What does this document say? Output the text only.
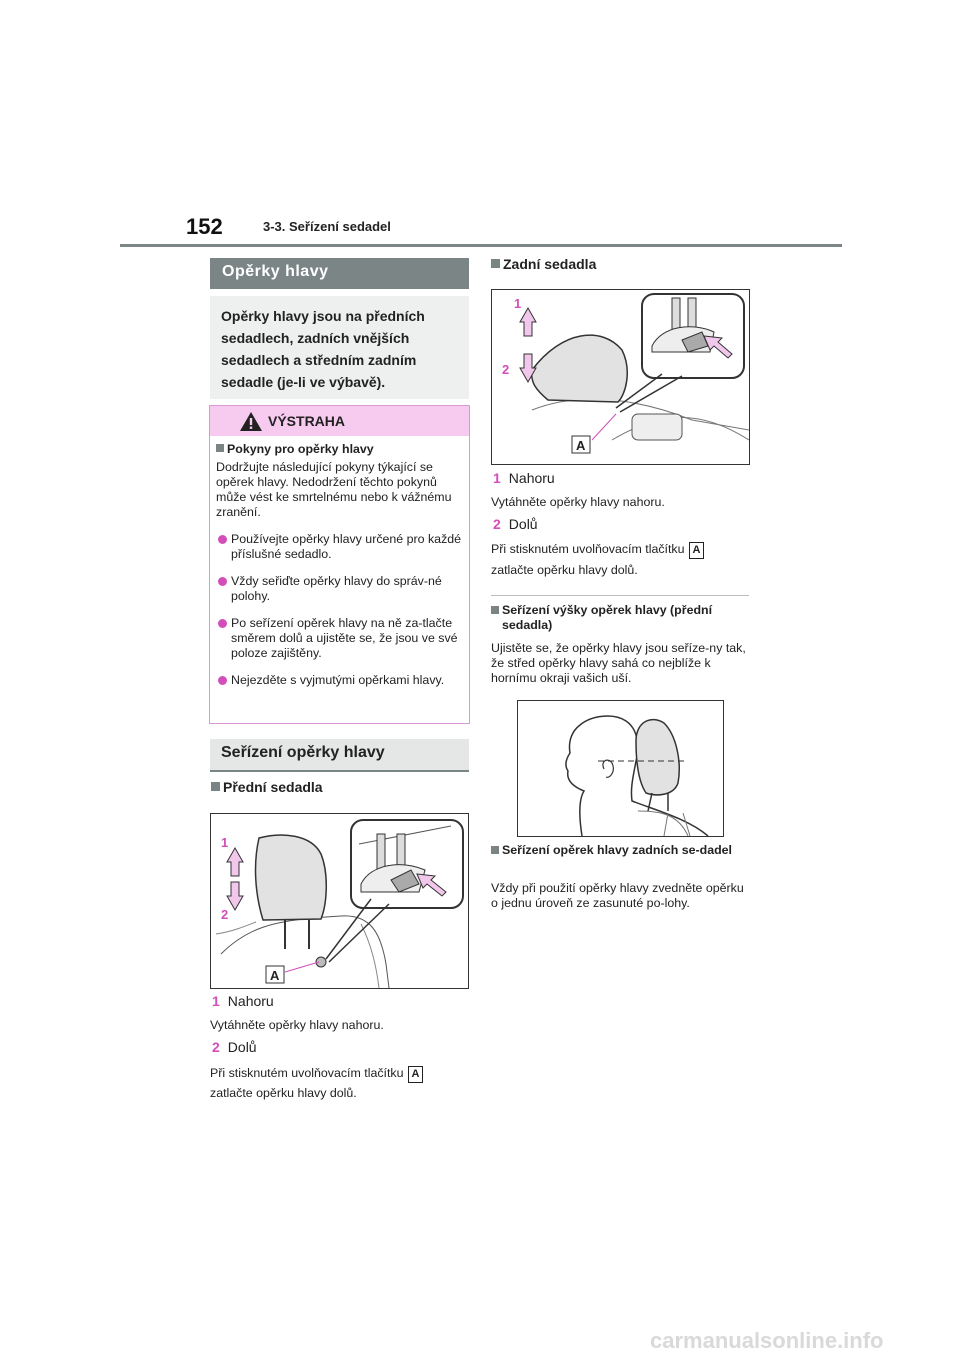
152	3-3. Seřízení sedadel
Opěrky hlavy
Opěrky hlavy jsou na předních sedadlech, zadních vnějších sedadlech a středním zadním sedadle (je-li ve výbavě).
VÝSTRAHA

Pokyny pro opěrky hlavy

Dodržujte následující pokyny týkající se opěrek hlavy. Nedodržení těchto pokynů může vést ke smrtelnému nebo k vážnému zranění.

Používejte opěrky hlavy určené pro každé příslušné sedadlo.
Vždy seřiďte opěrky hlavy do správ-né polohy.
Po seřízení opěrek hlavy na ně za-tlačte směrem dolů a ujistěte se, že jsou ve své poloze zajištěny.
Nejezděte s vyjmutými opěrkami hlavy.
Seřízení opěrky hlavy
Přední sedadla
1
2
A
1 Nahoru
Vytáhněte opěrky hlavy nahoru.
2 Dolů
Při stisknutém uvolňovacím tlačítku A
zatlačte opěrku hlavy dolů.
Zadní sedadla
1
2
A
1 Nahoru
Vytáhněte opěrky hlavy nahoru.
2 Dolů
Při stisknutém uvolňovacím tlačítku A
zatlačte opěrku hlavy dolů.
Seřízení výšky opěrek hlavy (přední sedadla)
Ujistěte se, že opěrky hlavy jsou seříze-ny tak, že střed opěrky hlavy sahá co nejblíže k hornímu okraji vašich uší.
Seřízení opěrek hlavy zadních se-dadel
Vždy při použití opěrky hlavy zvedněte opěrku o jednu úroveň ze zasunuté po-lohy.
carmanualsonline.info
